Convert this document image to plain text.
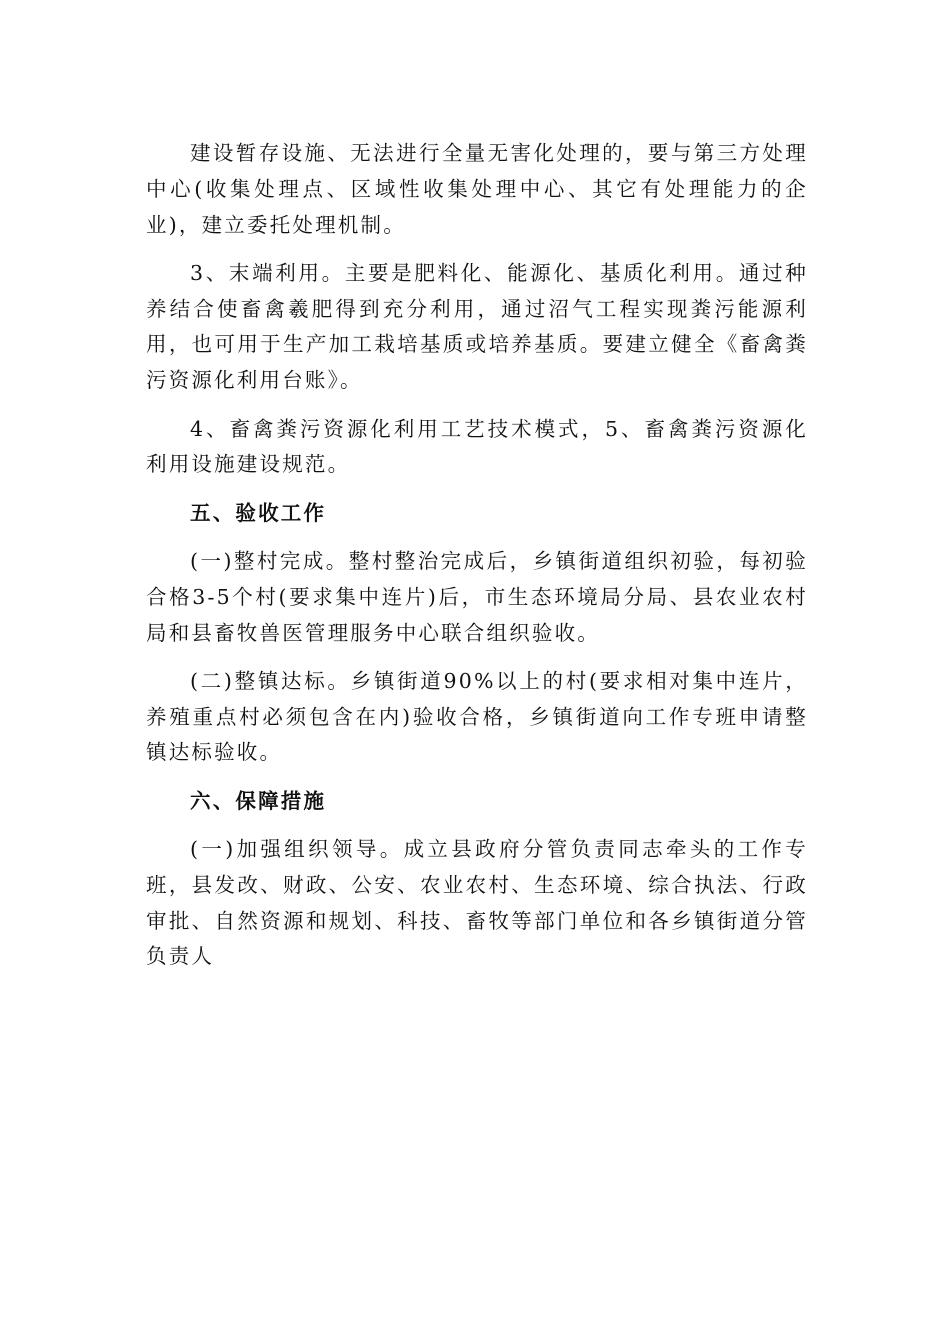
建设暂存设施、无法进行全量无害化处理的，要与第三方处理中心(收集处理点、区域性收集处理中心、其它有处理能力的企业)，建立委托处理机制。

3、末端利用。主要是肥料化、能源化、基质化利用。通过种养结合使畜禽羲肥得到充分利用，通过沼气工程实现粪污能源利用，也可用于生产加工栽培基质或培养基质。要建立健全《畜禽粪污资源化利用台账》。

4、畜禽粪污资源化利用工艺技术模式，5、畜禽粪污资源化利用设施建设规范。

五、验收工作

(一)整村完成。整村整治完成后，乡镇街道组织初验，每初验合格3-5个村(要求集中连片)后，市生态环境局分局、县农业农村局和县畜牧兽医管理服务中心联合组织验收。

(二)整镇达标。乡镇街道90%以上的村(要求相对集中连片，养殖重点村必须包含在内)验收合格，乡镇街道向工作专班申请整镇达标验收。

六、保障措施

(一)加强组织领导。成立县政府分管负责同志牵头的工作专班，县发改、财政、公安、农业农村、生态环境、综合执法、行政审批、自然资源和规划、科技、畜牧等部门单位和各乡镇街道分管负责人
